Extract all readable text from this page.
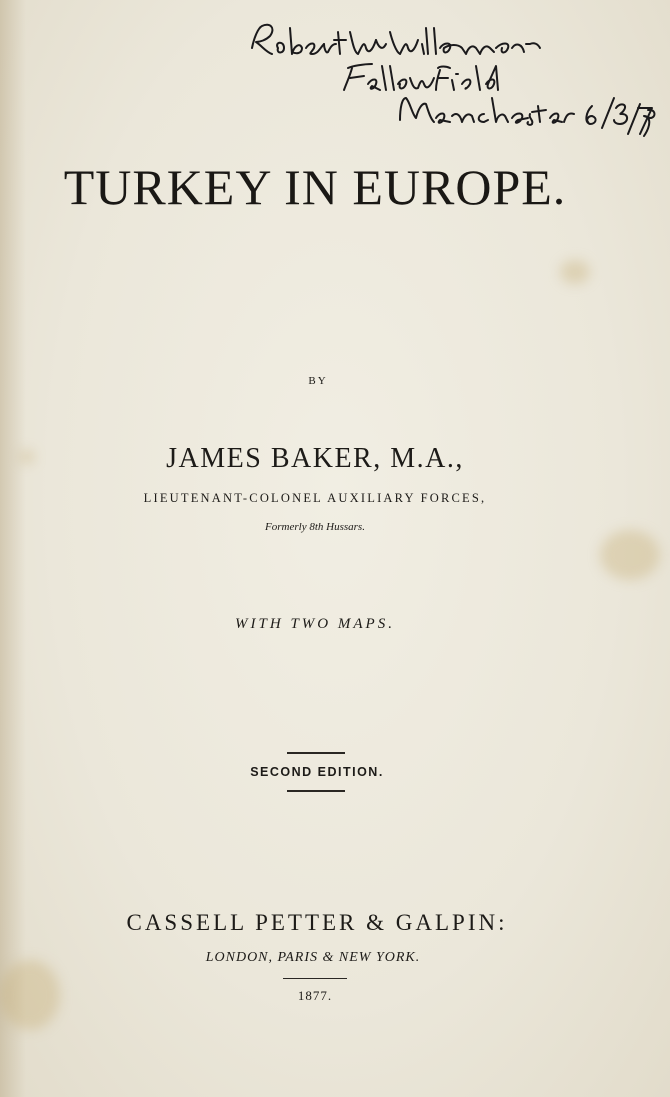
TURKEY IN EUROPE.
BY
JAMES BAKER, M.A.,
LIEUTENANT-COLONEL AUXILIARY FORCES,
Formerly 8th Hussars.
WITH TWO MAPS.
SECOND EDITION.
CASSELL PETTER & GALPIN:
LONDON, PARIS & NEW YORK.
1877.
